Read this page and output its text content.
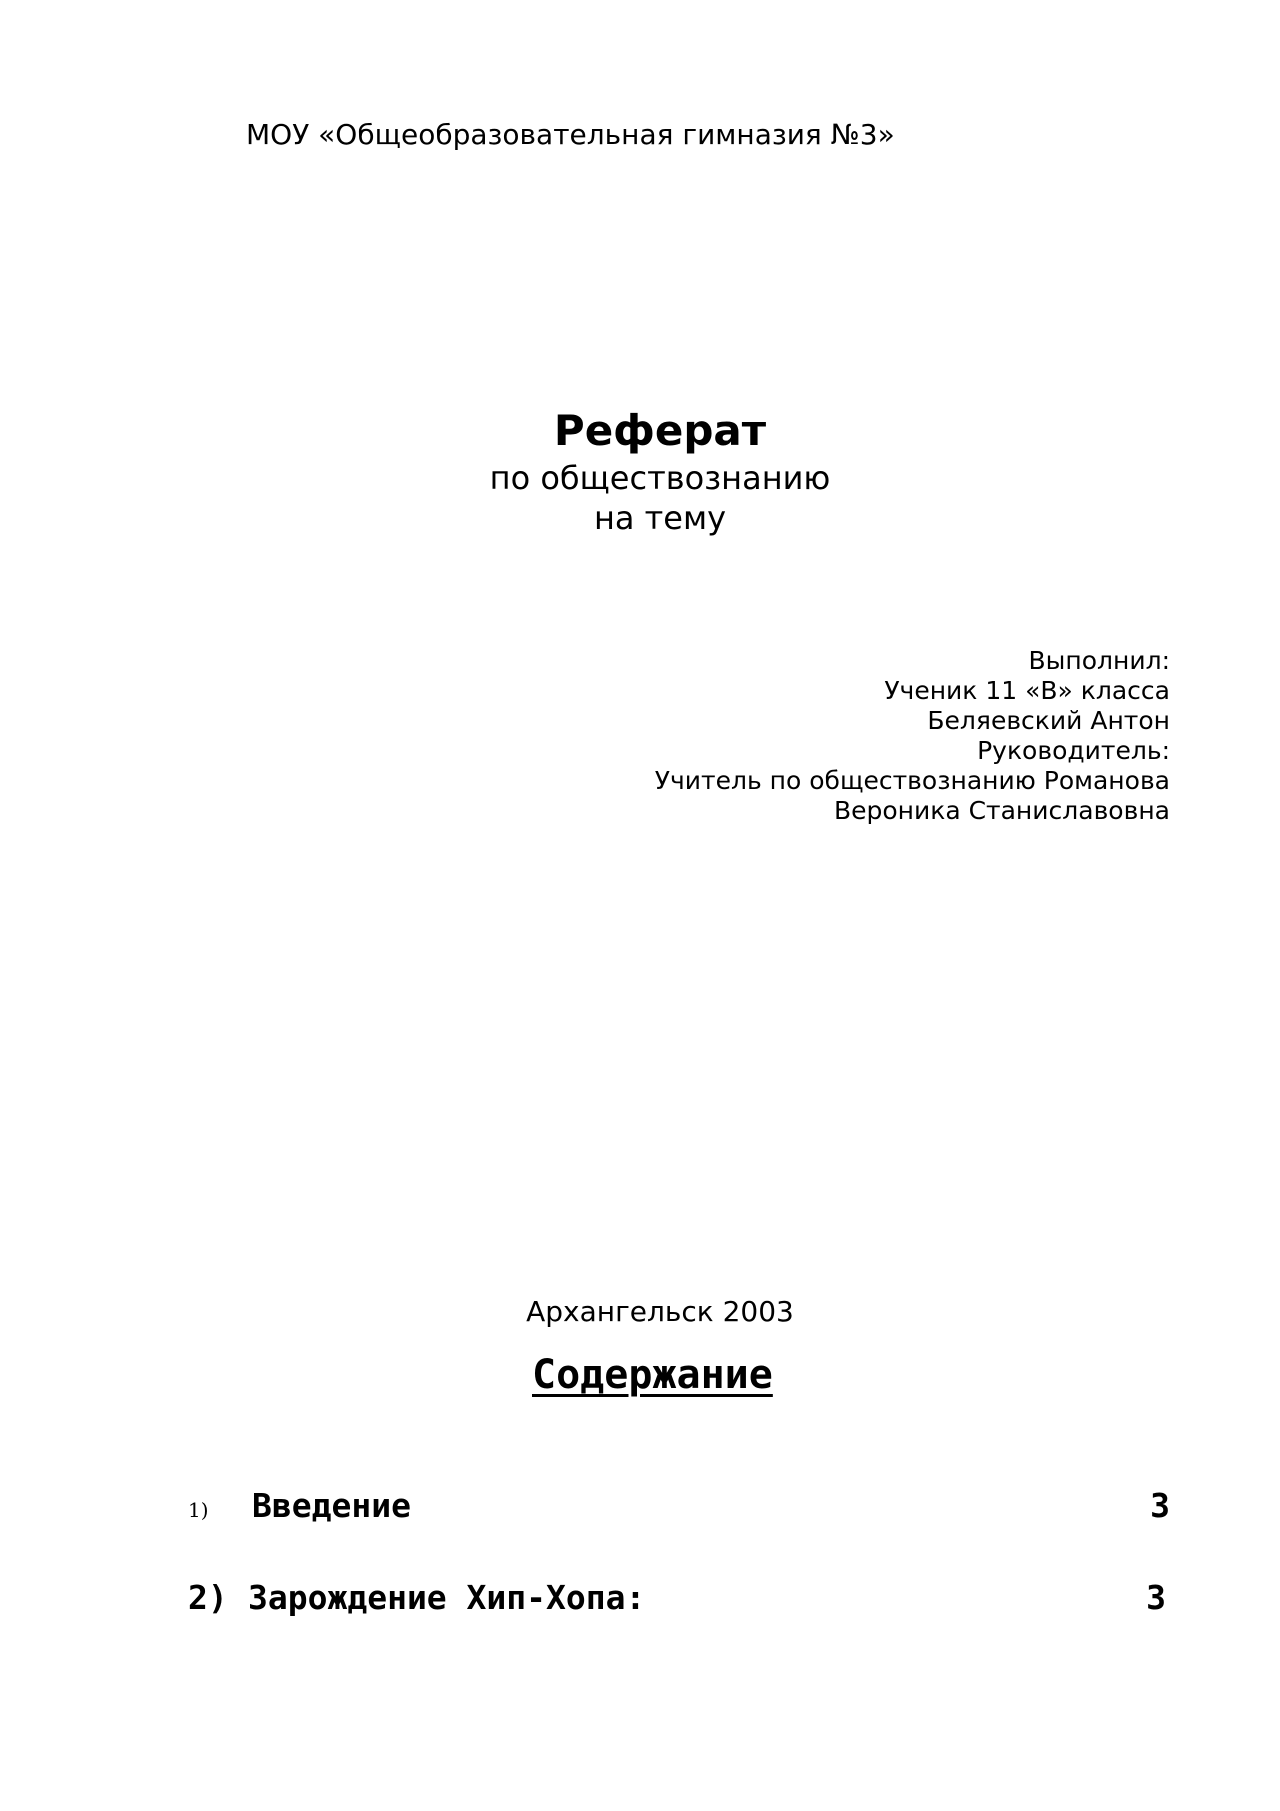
МОУ «Общеобразовательная гимназия №3»
Реферат
по обществознанию
на тему
Выполнил:
Ученик 11 «В» класса
Беляевский Антон
Руководитель:
Учитель по обществознанию Романова
Вероника Станиславовна
Архангельск 2003
Содержание
1) Введение	3
2) Зарождение Хип-Хопа:	3
